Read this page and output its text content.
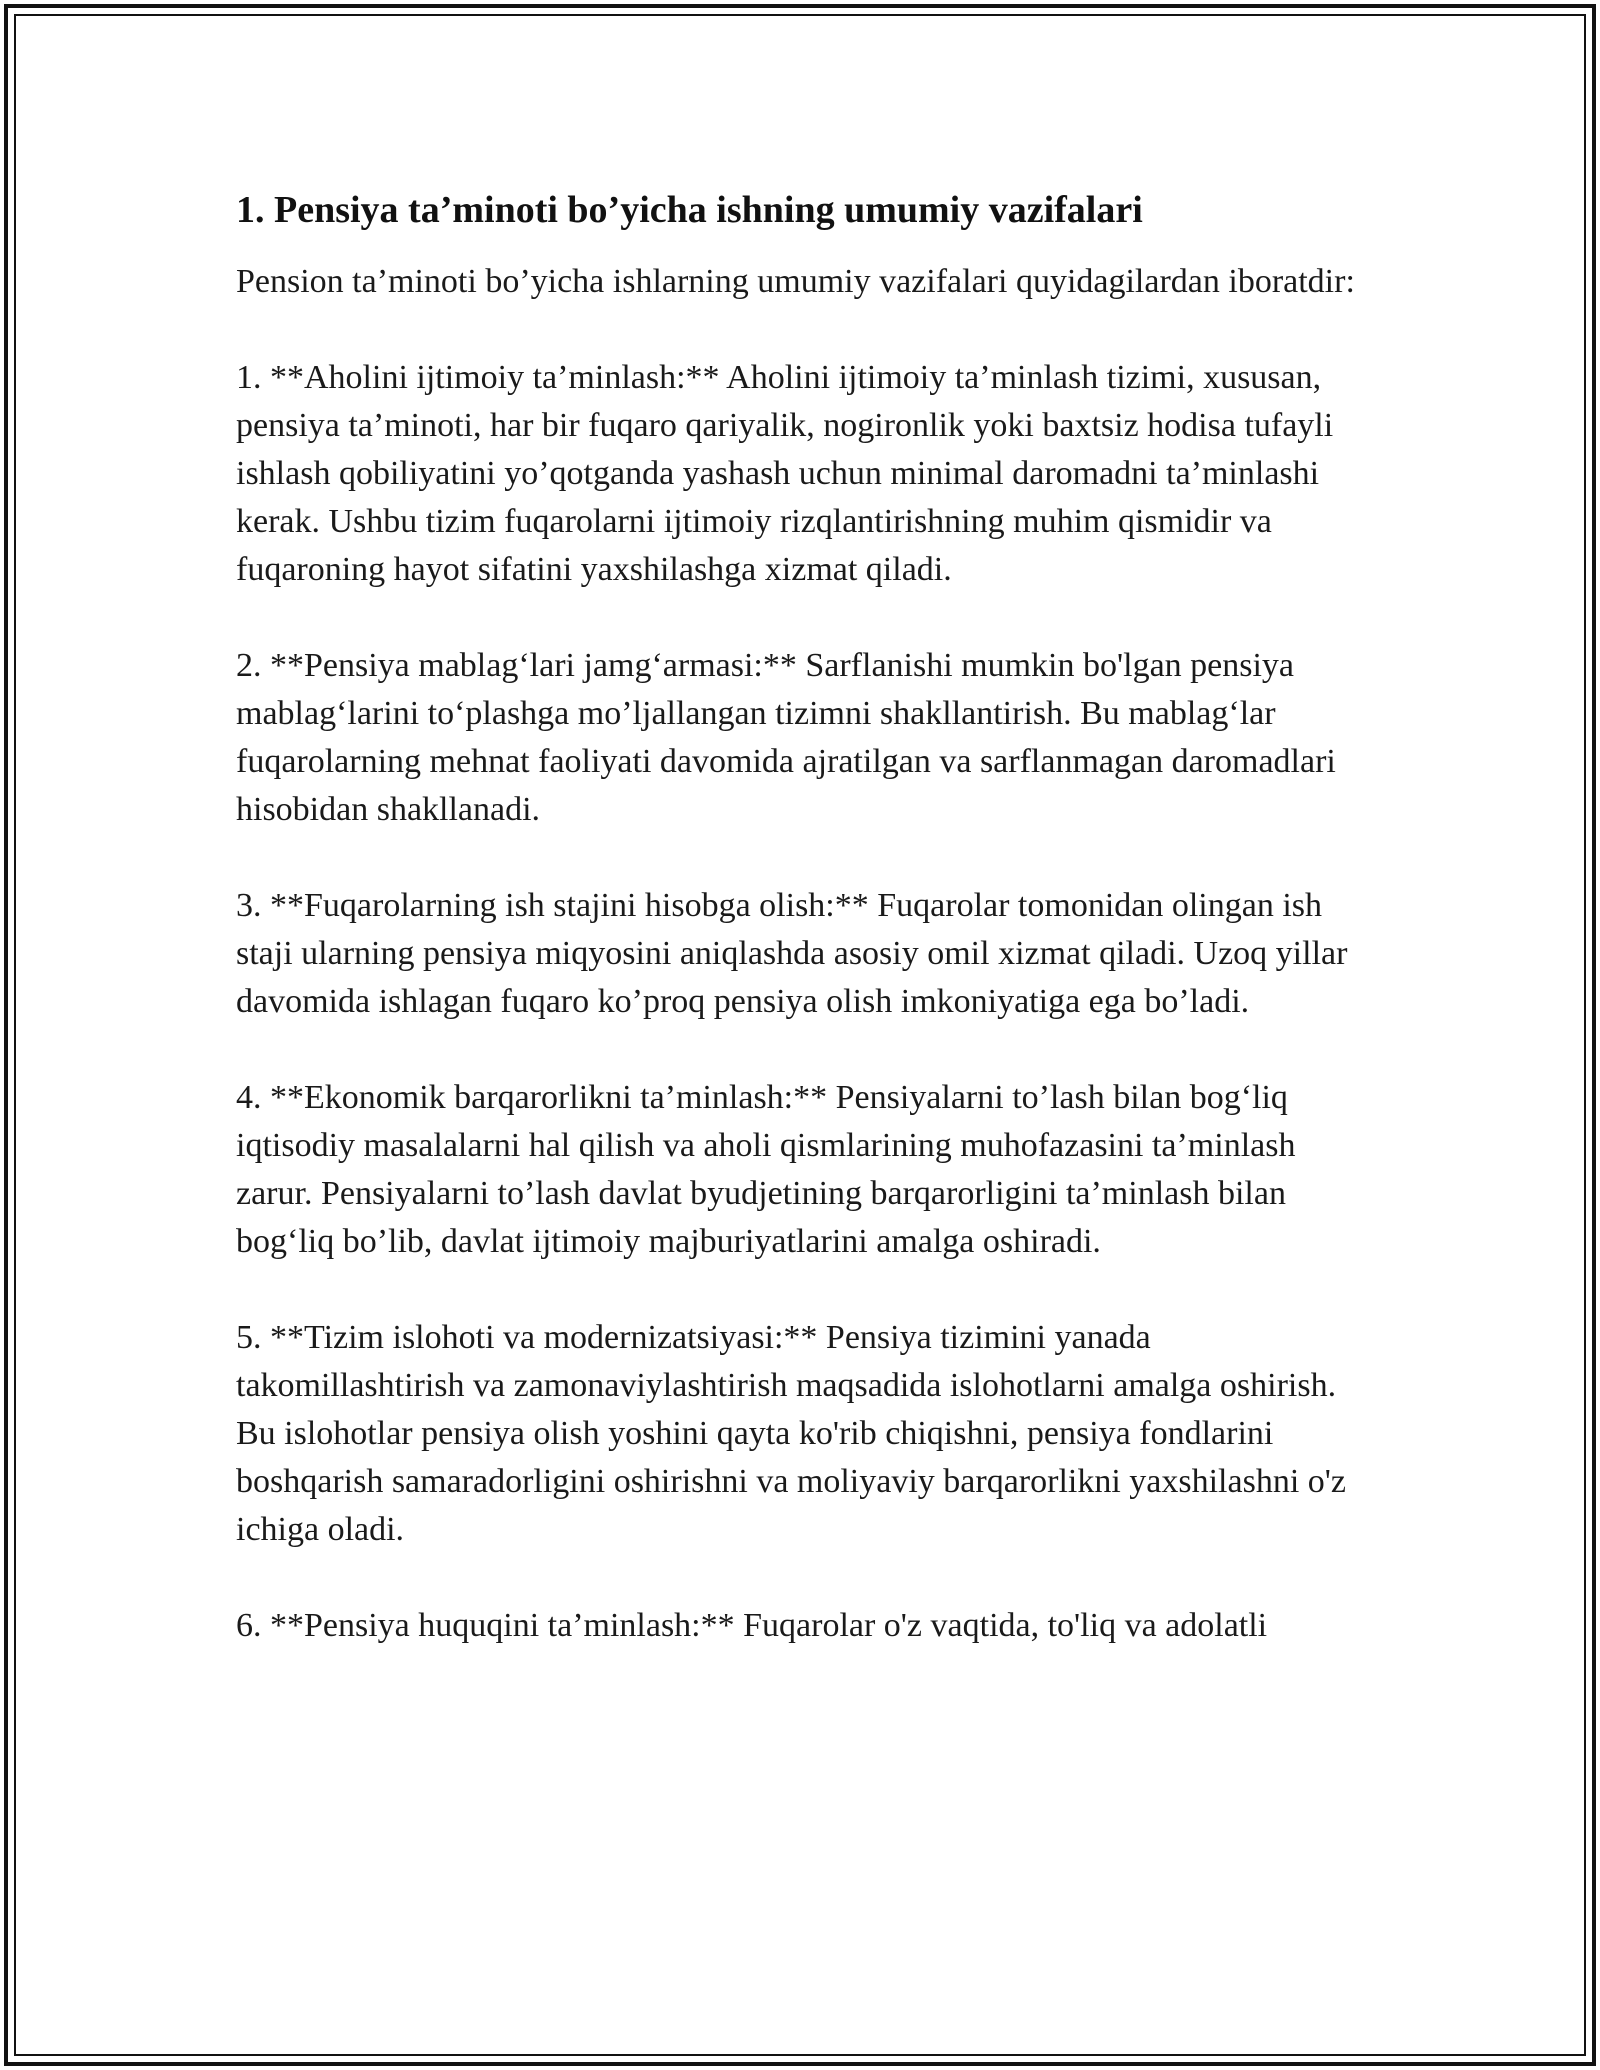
1. Pensiya ta’minoti bo’yicha ishning umumiy vazifalari

Pension ta’minoti bo’yicha ishlarning umumiy vazifalari quyidagilardan iboratdir:

1. **Aholini ijtimoiy ta’minlash:** Aholini ijtimoiy ta’minlash tizimi, xususan, pensiya ta’minoti, har bir fuqaro qariyalik, nogironlik yoki baxtsiz hodisa tufayli ishlash qobiliyatini yo’qotganda yashash uchun minimal daromadni ta’minlashi kerak. Ushbu tizim fuqarolarni ijtimoiy rizqlantirishning muhim qismidir va fuqaroning hayot sifatini yaxshilashga xizmat qiladi.

2. **Pensiya mablag‘lari jamg‘armasi:** Sarflanishi mumkin bo'lgan pensiya mablag‘larini to‘plashga mo’ljallangan tizimni shakllantirish. Bu mablag‘lar fuqarolarning mehnat faoliyati davomida ajratilgan va sarflanmagan daromadlari hisobidan shakllanadi.

3. **Fuqarolarning ish stajini hisobga olish:** Fuqarolar tomonidan olingan ish staji ularning pensiya miqyosini aniqlashda asosiy omil xizmat qiladi. Uzoq yillar davomida ishlagan fuqaro ko’proq pensiya olish imkoniyatiga ega bo’ladi.

4. **Ekonomik barqarorlikni ta’minlash:** Pensiyalarni to’lash bilan bog‘liq iqtisodiy masalalarni hal qilish va aholi qismlarining muhofazasini ta’minlash zarur. Pensiyalarni to’lash davlat byudjetining barqarorligini ta’minlash bilan bog‘liq bo’lib, davlat ijtimoiy majburiyatlarini amalga oshiradi.

5. **Tizim islohoti va modernizatsiyasi:** Pensiya tizimini yanada takomillashtirish va zamonaviylashtirish maqsadida islohotlarni amalga oshirish. Bu islohotlar pensiya olish yoshini qayta ko'rib chiqishni, pensiya fondlarini boshqarish samaradorligini oshirishni va moliyaviy barqarorlikni yaxshilashni o'z ichiga oladi.

6. **Pensiya huquqini ta’minlash:** Fuqarolar o'z vaqtida, to'liq va adolatli
